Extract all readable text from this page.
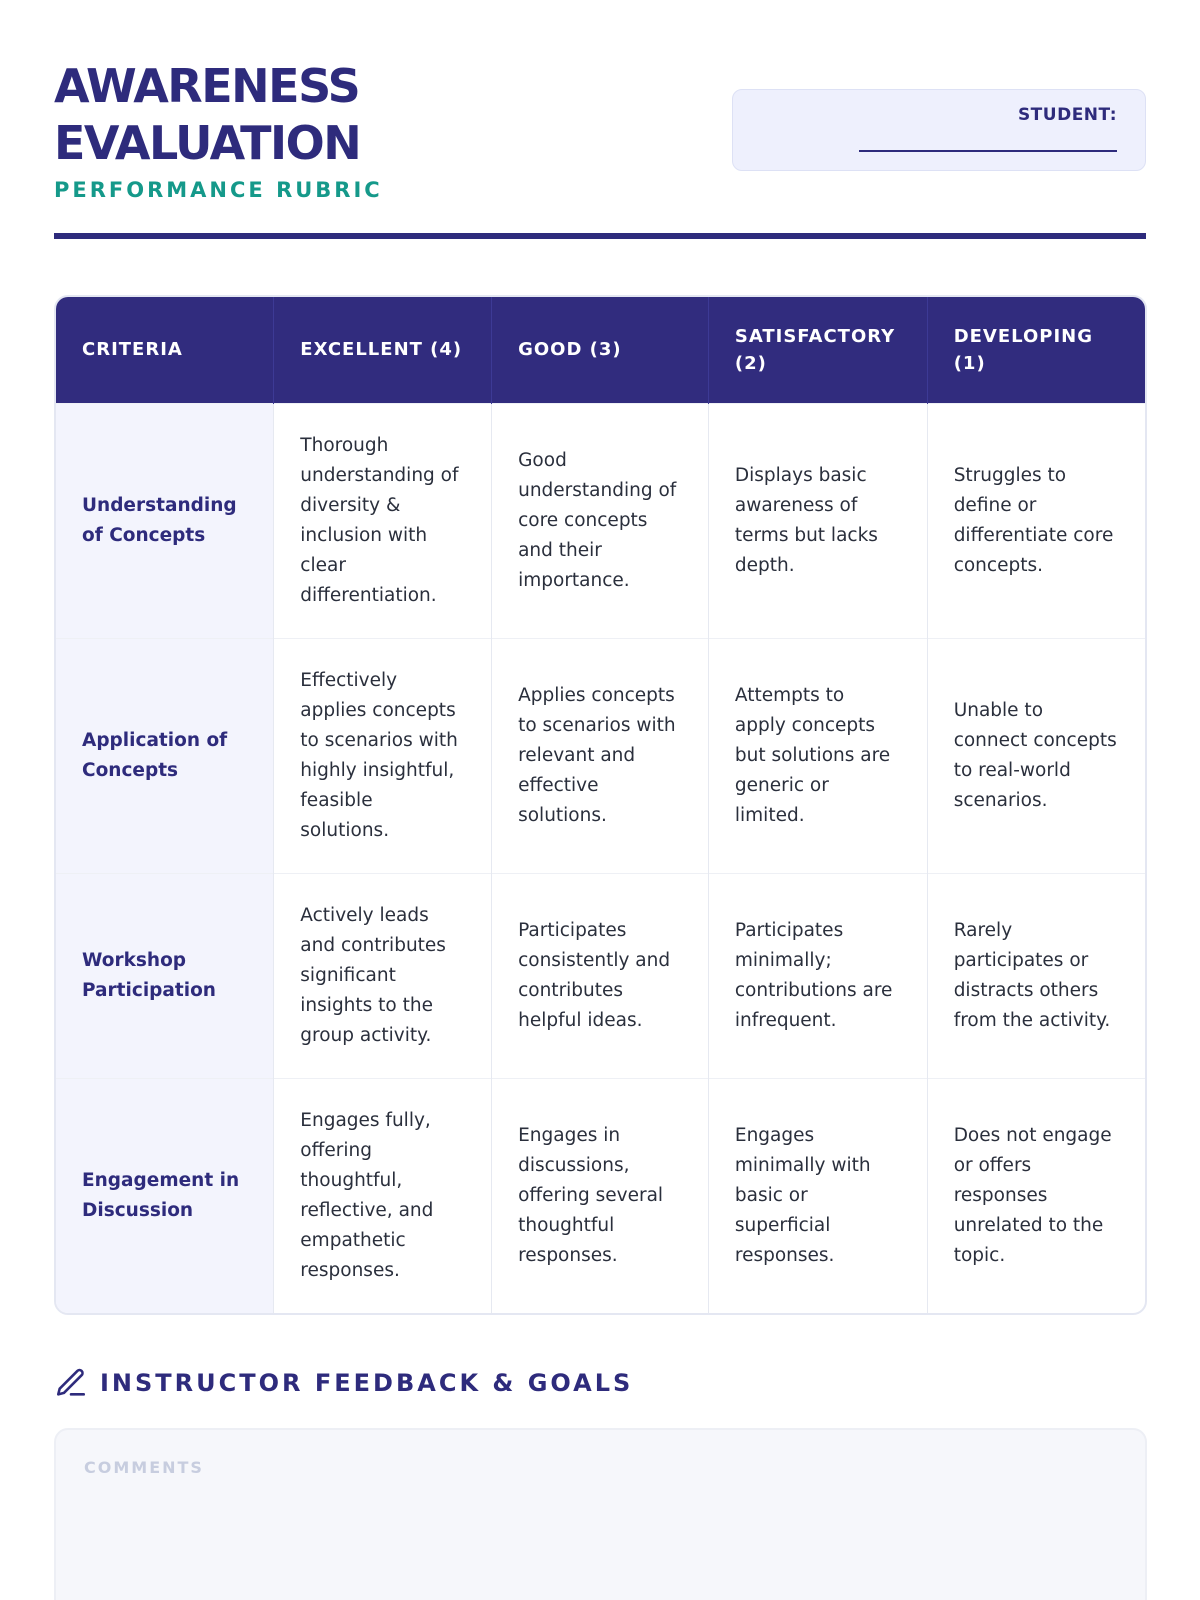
AWARENESS
EVALUATION
PERFORMANCE RUBRIC
STUDENT:
CRITERIA	EXCELLENT (4)	GOOD (3)	SATISFACTORY (2)	DEVELOPING (1)
Understanding of Concepts	Thorough understanding of diversity & inclusion with clear differentiation.	Good understanding of core concepts and their importance.	Displays basic awareness of terms but lacks depth.	Struggles to define or differentiate core concepts.
Application of Concepts	Effectively applies concepts to scenarios with highly insightful, feasible solutions.	Applies concepts to scenarios with relevant and effective solutions.	Attempts to apply concepts but solutions are generic or limited.	Unable to connect concepts to real-world scenarios.
Workshop Participation	Actively leads and contributes significant insights to the group activity.	Participates consistently and contributes helpful ideas.	Participates minimally; contributions are infrequent.	Rarely participates or distracts others from the activity.
Engagement in Discussion	Engages fully, offering thoughtful, reflective, and empathetic responses.	Engages in discussions, offering several thoughtful responses.	Engages minimally with basic or superficial responses.	Does not engage or offers responses unrelated to the topic.
INSTRUCTOR FEEDBACK & GOALS
COMMENTS
